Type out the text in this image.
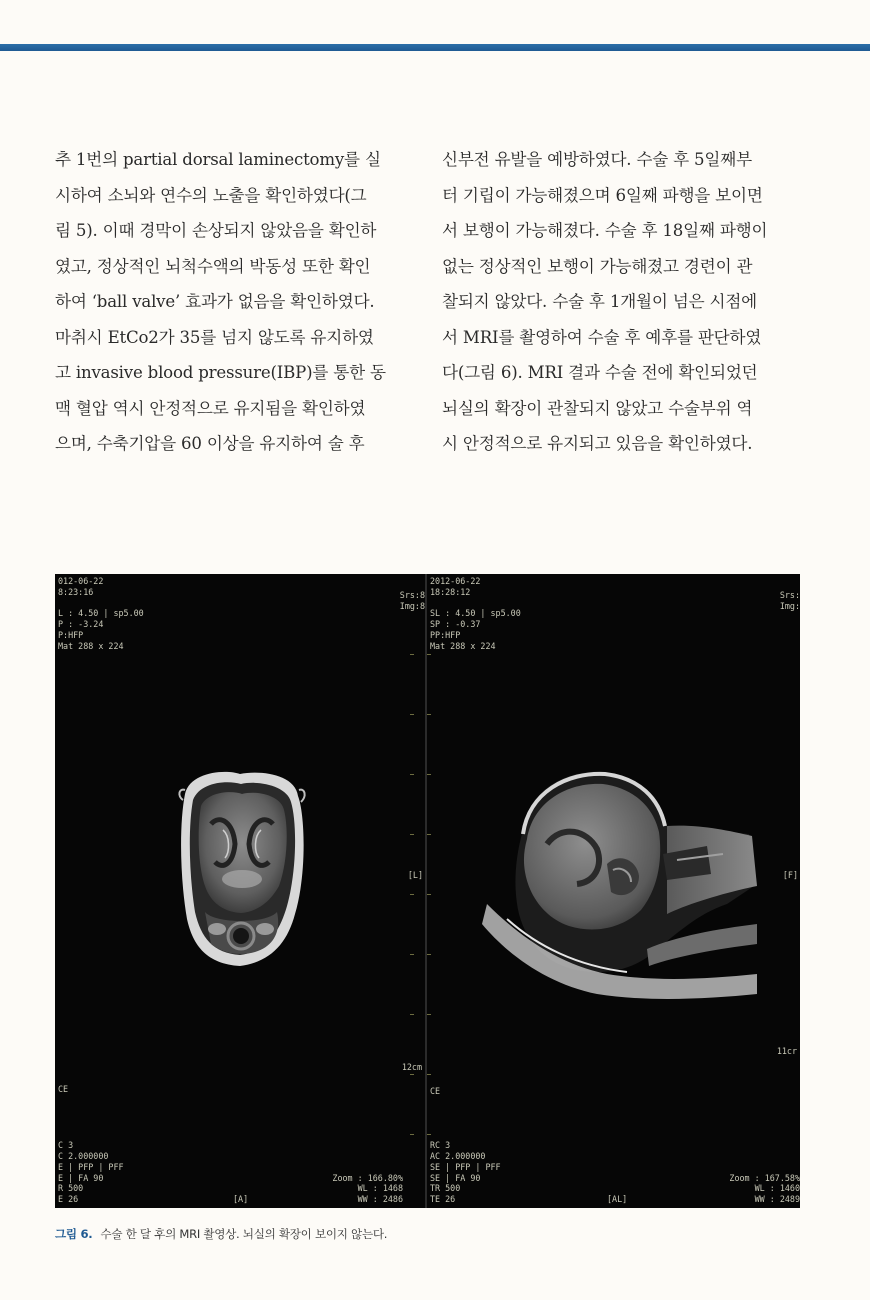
추 1번의 partial dorsal laminectomy를 실
시하여 소뇌와 연수의 노출을 확인하였다(그
림 5). 이때 경막이 손상되지 않았음을 확인하
였고, 정상적인 뇌척수액의 박동성 또한 확인
하여 ‘ball valve’ 효과가 없음을 확인하였다.
마취시 EtCo2가 35를 넘지 않도록 유지하였
고 invasive blood pressure(IBP)를 통한 동
맥 혈압 역시 안정적으로 유지됨을 확인하였
으며, 수축기압을 60 이상을 유지하여 술 후
신부전 유발을 예방하였다. 수술 후 5일째부
터 기립이 가능해졌으며 6일째 파행을 보이면
서 보행이 가능해졌다. 수술 후 18일째 파행이
없는 정상적인 보행이 가능해졌고 경련이 관
찰되지 않았다. 수술 후 1개월이 넘은 시점에
서 MRI를 촬영하여 수술 후 예후를 판단하였
다(그림 6). MRI 결과 수술 전에 확인되었던
뇌실의 확장이 관찰되지 않았고 수술부위 역
시 안정적으로 유지되고 있음을 확인하였다.
012-06-22
8:23:16

L : 4.50 | sp5.00
P : -3.24
P:HFP
Mat 288 x 224
Srs:8
Img:8
[L]
12cm
CE
C 3
C 2.000000
E | PFP | PFF
E | FA 90
R 500
E 26	[A]
Zoom : 166.80%
WL : 1468
WW : 2486
2012-06-22
18:28:12

SL : 4.50 | sp5.00
SP : -0.37
PP:HFP
Mat 288 x 224
Srs:
Img:
[F]
11cr
CE
RC 3
AC 2.000000
SE | PFP | PFF
SE | FA 90
TR 500
TE 26	[AL]
Zoom : 167.58%
WL : 1460
WW : 2489
그림 6. 수술 한 달 후의 MRI 촬영상. 뇌실의 확장이 보이지 않는다.
